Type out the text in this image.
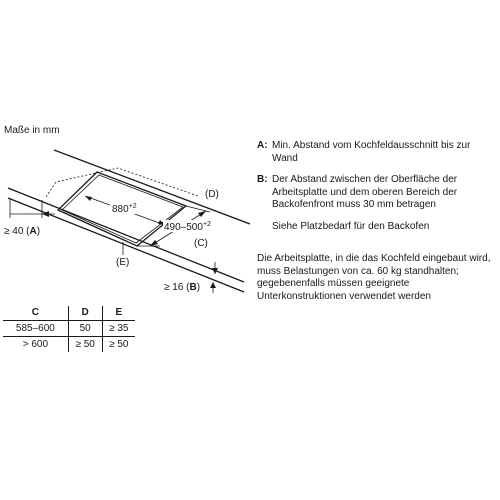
Maße in mm
$880^{+2}$
$490-500^{+2}$
(D)
(C)
(E)
≥ 40 (A)
≥ 16 (B)
A: Min. Abstand vom Kochfeldausschnitt bis zur Wand
B: Der Abstand zwischen der Oberfläche der Arbeitsplatte und dem oberen Bereich der Backofenfront muss 30 mm betragen
Siehe Platzbedarf für den Backofen
Die Arbeitsplatte, in die das Kochfeld eingebaut wird, muss Belastungen von ca. 60 kg standhalten; gegebenenfalls müssen geeignete Unterkonstruktionen verwendet werden
C	D	E
585–600	50	≥ 35
> 600	≥ 50	≥ 50
